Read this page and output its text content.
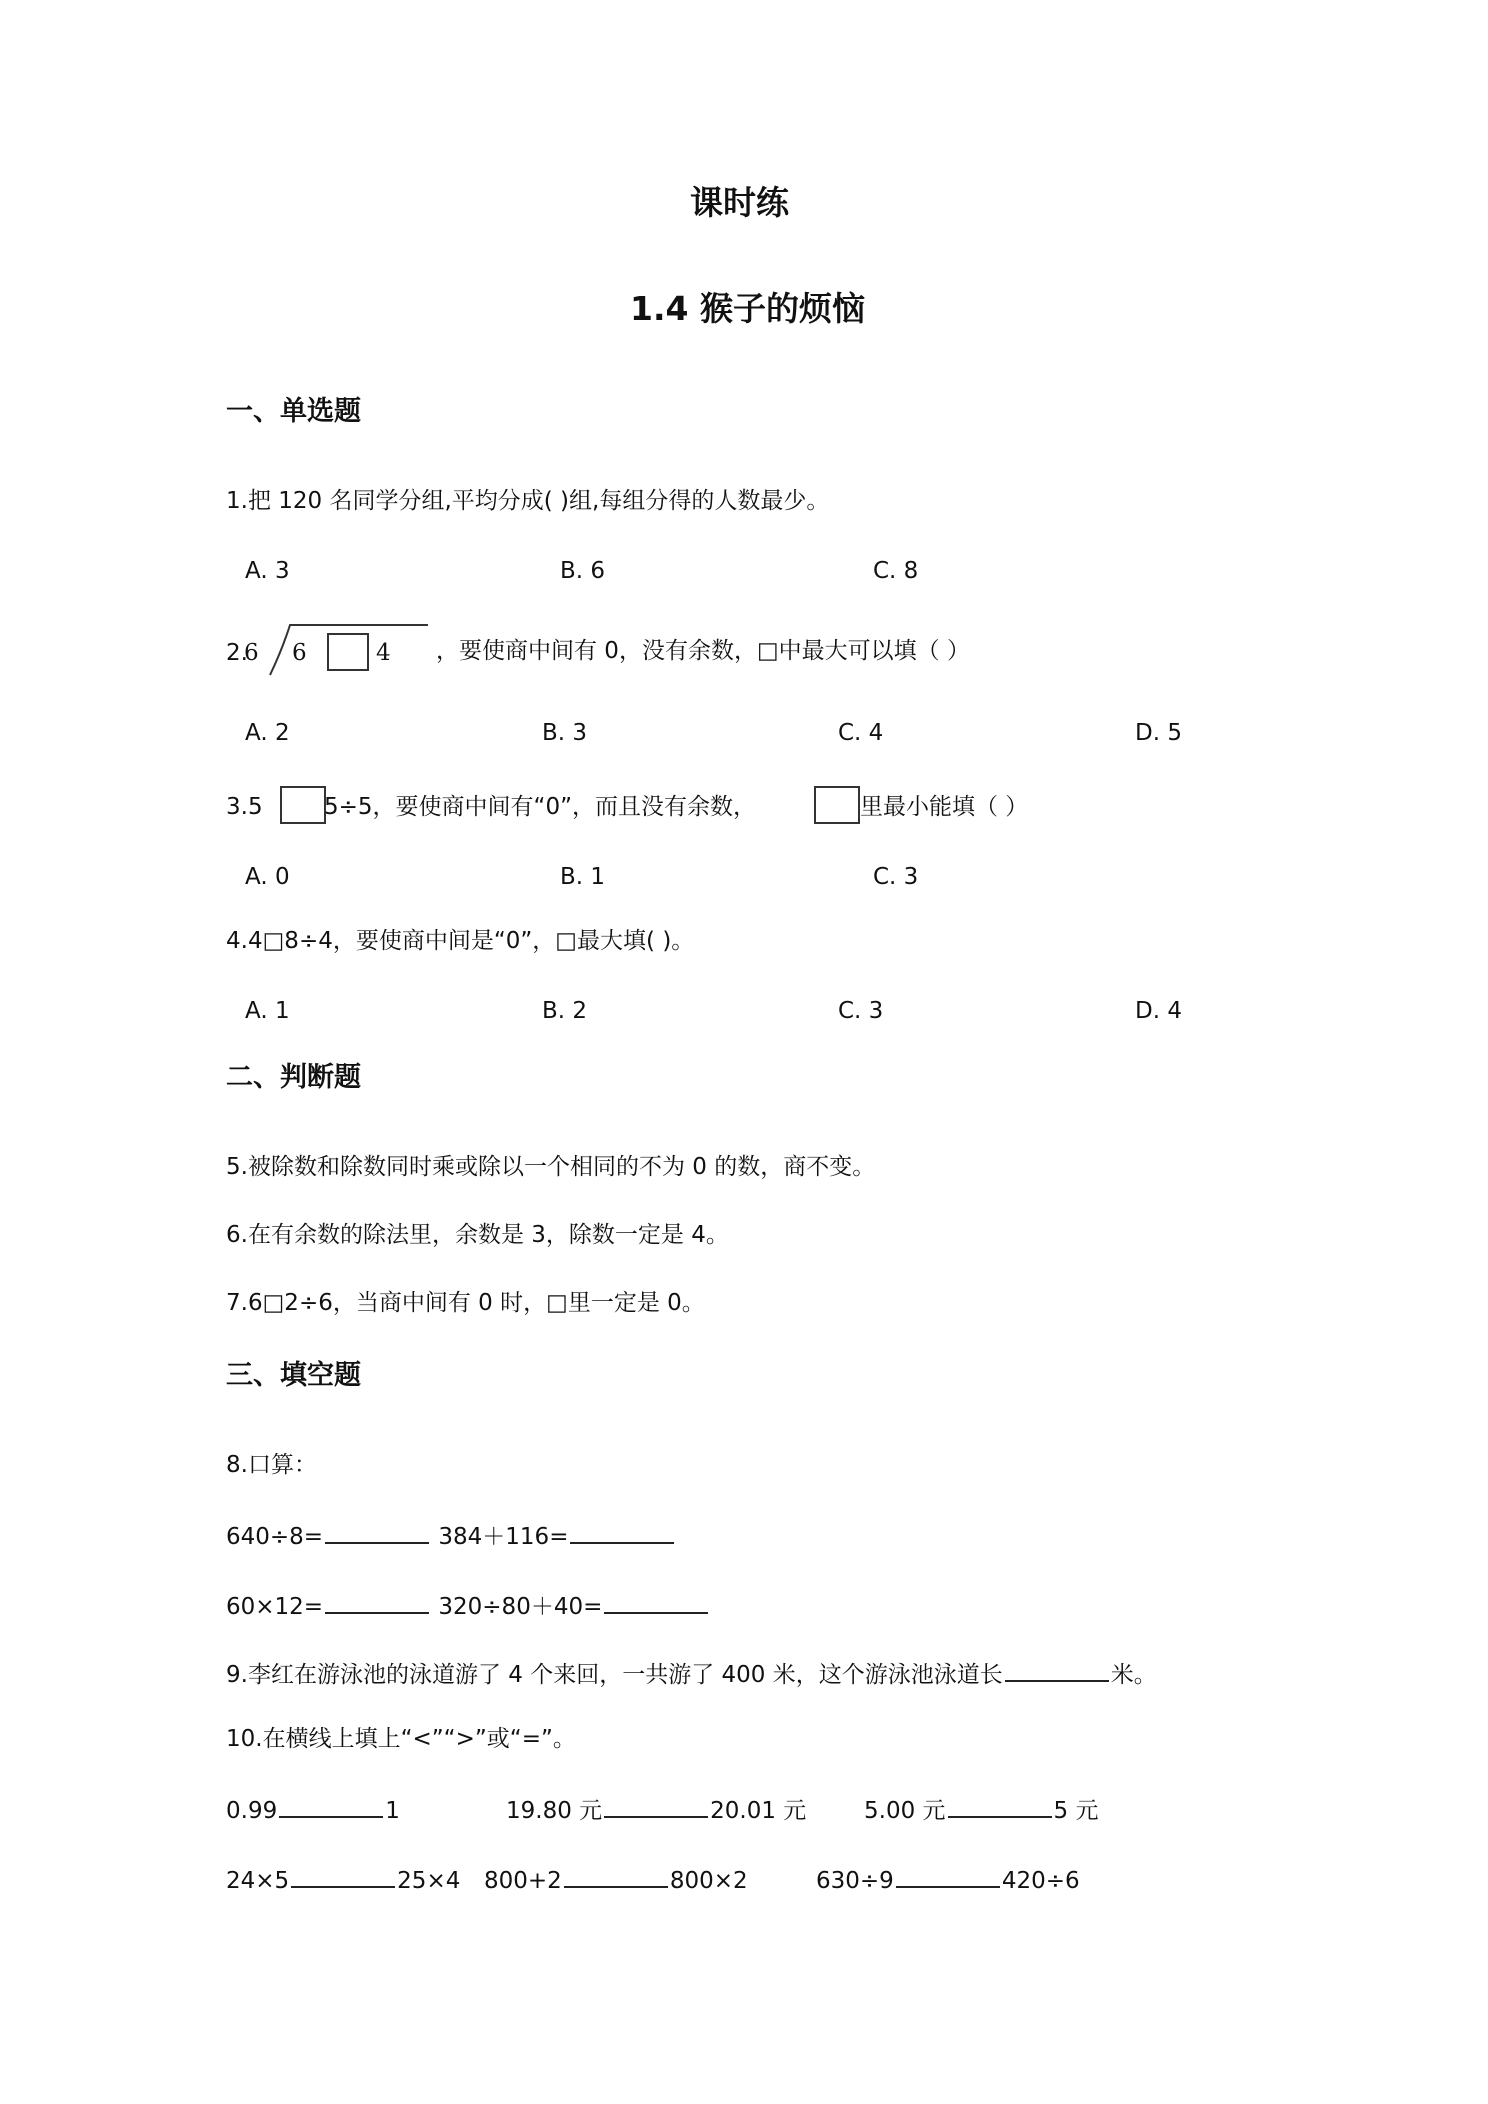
课时练
1.4 猴子的烦恼
一、单选题
1.把 120 名同学分组,平均分成( )组,每组分得的人数最少。
A. 3	B. 6	C. 8
2.
6 6	4 ，要使商中间有 0，没有余数，□中最大可以填（ ）
A. 2	B. 3	C. 4	D. 5
3.5	5÷5，要使商中间有“0”，而且没有余数，	里最小能填（ ）
A. 0	B. 1	C. 3
4.4□8÷4，要使商中间是“0”，□最大填( )。
A. 1	B. 2	C. 3	D. 4
二、判断题
5.被除数和除数同时乘或除以一个相同的不为 0 的数，商不变。
6.在有余数的除法里，余数是 3，除数一定是 4。
7.6□2÷6，当商中间有 0 时，□里一定是 0。
三、填空题
8.口算：
640÷8=	384＋116=
60×12=	320÷80＋40=
9.李红在游泳池的泳道游了 4 个来回，一共游了 400 米，这个游泳池泳道长	米。
10.在横线上填上“<”“>”或“=”。
0.99	1	19.80 元	20.01 元	5.00 元	5 元
24×5	25×4 800+2	800×2	630÷9	420÷6
